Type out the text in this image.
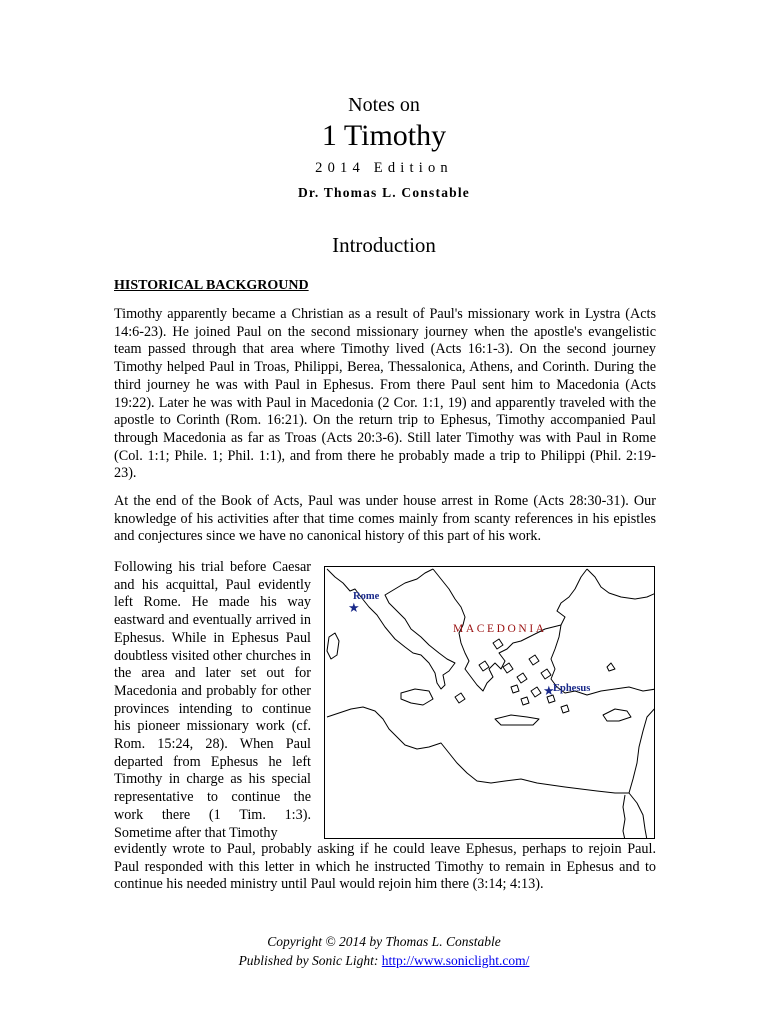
Notes on
1 Timothy
2014 Edition
Dr. Thomas L. Constable
Introduction
HISTORICAL BACKGROUND

Timothy apparently became a Christian as a result of Paul's missionary work in Lystra (Acts 14:6-23). He joined Paul on the second missionary journey when the apostle's evangelistic team passed through that area where Timothy lived (Acts 16:1-3). On the second journey Timothy helped Paul in Troas, Philippi, Berea, Thessalonica, Athens, and Corinth. During the third journey he was with Paul in Ephesus. From there Paul sent him to Macedonia (Acts 19:22). Later he was with Paul in Macedonia (2 Cor. 1:1, 19) and apparently traveled with the apostle to Corinth (Rom. 16:21). On the return trip to Ephesus, Timothy accompanied Paul through Macedonia as far as Troas (Acts 20:3-6). Still later Timothy was with Paul in Rome (Col. 1:1; Phile. 1; Phil. 1:1), and from there he probably made a trip to Philippi (Phil. 2:19-23).

At the end of the Book of Acts, Paul was under house arrest in Rome (Acts 28:30-31). Our knowledge of his activities after that time comes mainly from scanty references in his epistles and conjectures since we have no canonical history of this part of his work.

Following his trial before Caesar and his acquittal, Paul evidently left Rome. He made his way eastward and eventually arrived in Ephesus. While in Ephesus Paul doubtless visited other churches in the area and later set out for Macedonia and probably for other provinces intending to continue his pioneer missionary work (cf. Rom. 15:24, 28). When Paul departed from Ephesus he left Timothy in charge as his special representative to continue the work there (1 Tim. 1:3). Sometime after that Timothy

evidently wrote to Paul, probably asking if he could leave Ephesus, perhaps to rejoin Paul. Paul responded with this letter in which he instructed Timothy to remain in Ephesus and to continue his needed ministry until Paul would rejoin him there (3:14; 4:13).

★
Rome
MACEDONIA
★
Ephesus
Copyright © 2014 by Thomas L. Constable
Published by Sonic Light: http://www.soniclight.com/
